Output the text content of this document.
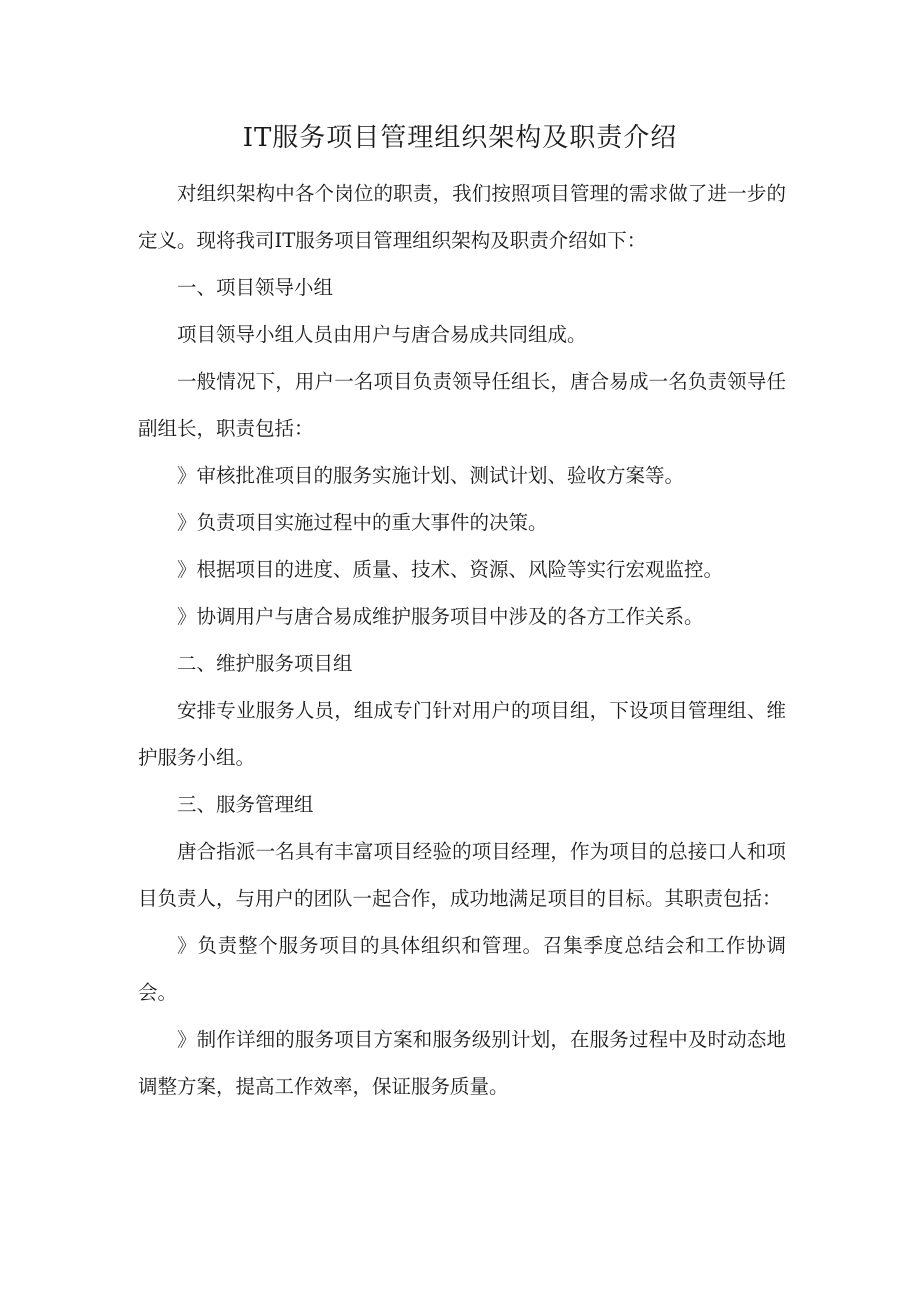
IT服务项目管理组织架构及职责介绍

对组织架构中各个岗位的职责，我们按照项目管理的需求做了进一步的定义。现将我司IT服务项目管理组织架构及职责介绍如下：

一、项目领导小组

项目领导小组人员由用户与唐合易成共同组成。

一般情况下，用户一名项目负责领导任组长，唐合易成一名负责领导任副组长，职责包括：

》审核批准项目的服务实施计划、测试计划、验收方案等。

》负责项目实施过程中的重大事件的决策。

》根据项目的进度、质量、技术、资源、风险等实行宏观监控。

》协调用户与唐合易成维护服务项目中涉及的各方工作关系。

二、维护服务项目组

安排专业服务人员，组成专门针对用户的项目组，下设项目管理组、维护服务小组。

三、服务管理组

唐合指派一名具有丰富项目经验的项目经理，作为项目的总接口人和项目负责人，与用户的团队一起合作，成功地满足项目的目标。其职责包括：

》负责整个服务项目的具体组织和管理。召集季度总结会和工作协调会。

》制作详细的服务项目方案和服务级别计划，在服务过程中及时动态地调整方案，提高工作效率，保证服务质量。
